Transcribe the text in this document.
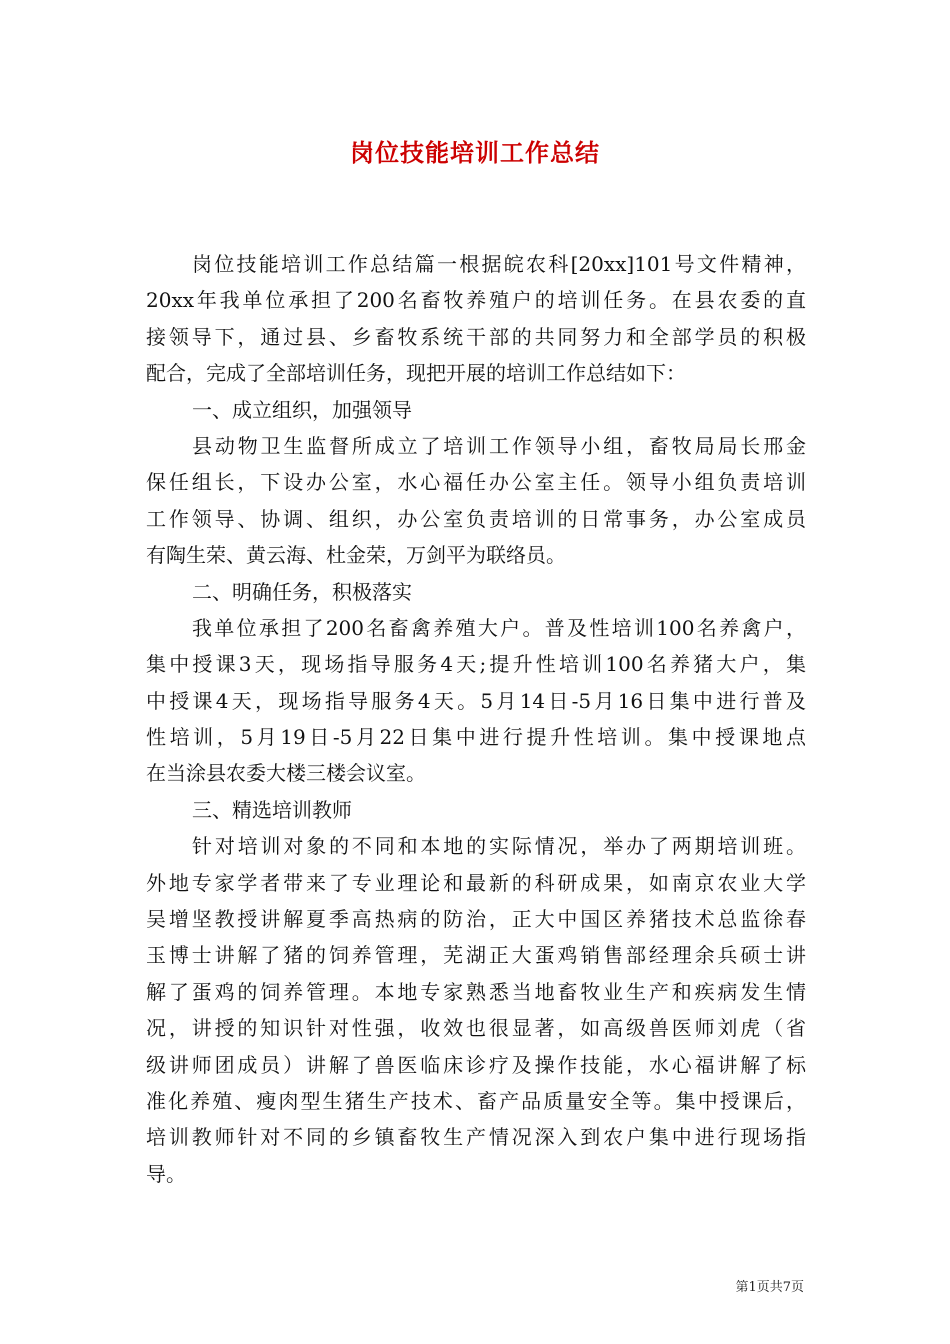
岗位技能培训工作总结
岗位技能培训工作总结篇一根据皖农科[20xx]101号文件精神，
20xx年我单位承担了200名畜牧养殖户的培训任务。在县农委的直
接领导下，通过县、乡畜牧系统干部的共同努力和全部学员的积极
配合，完成了全部培训任务，现把开展的培训工作总结如下：
一、成立组织，加强领导
县动物卫生监督所成立了培训工作领导小组，畜牧局局长邢金
保任组长，下设办公室，水心福任办公室主任。领导小组负责培训
工作领导、协调、组织，办公室负责培训的日常事务，办公室成员
有陶生荣、黄云海、杜金荣，万剑平为联络员。
二、明确任务，积极落实
我单位承担了200名畜禽养殖大户。普及性培训100名养禽户，
集中授课3天，现场指导服务4天;提升性培训100名养猪大户，集
中授课4天，现场指导服务4天。5月14日-5月16日集中进行普及
性培训，5月19日-5月22日集中进行提升性培训。集中授课地点
在当涂县农委大楼三楼会议室。
三、精选培训教师
针对培训对象的不同和本地的实际情况，举办了两期培训班。
外地专家学者带来了专业理论和最新的科研成果，如南京农业大学
吴增坚教授讲解夏季高热病的防治，正大中国区养猪技术总监徐春
玉博士讲解了猪的饲养管理，芜湖正大蛋鸡销售部经理余兵硕士讲
解了蛋鸡的饲养管理。本地专家熟悉当地畜牧业生产和疾病发生情
况，讲授的知识针对性强，收效也很显著，如高级兽医师刘虎（省
级讲师团成员）讲解了兽医临床诊疗及操作技能，水心福讲解了标
准化养殖、瘦肉型生猪生产技术、畜产品质量安全等。集中授课后，
培训教师针对不同的乡镇畜牧生产情况深入到农户集中进行现场指
导。
第1页共7页
